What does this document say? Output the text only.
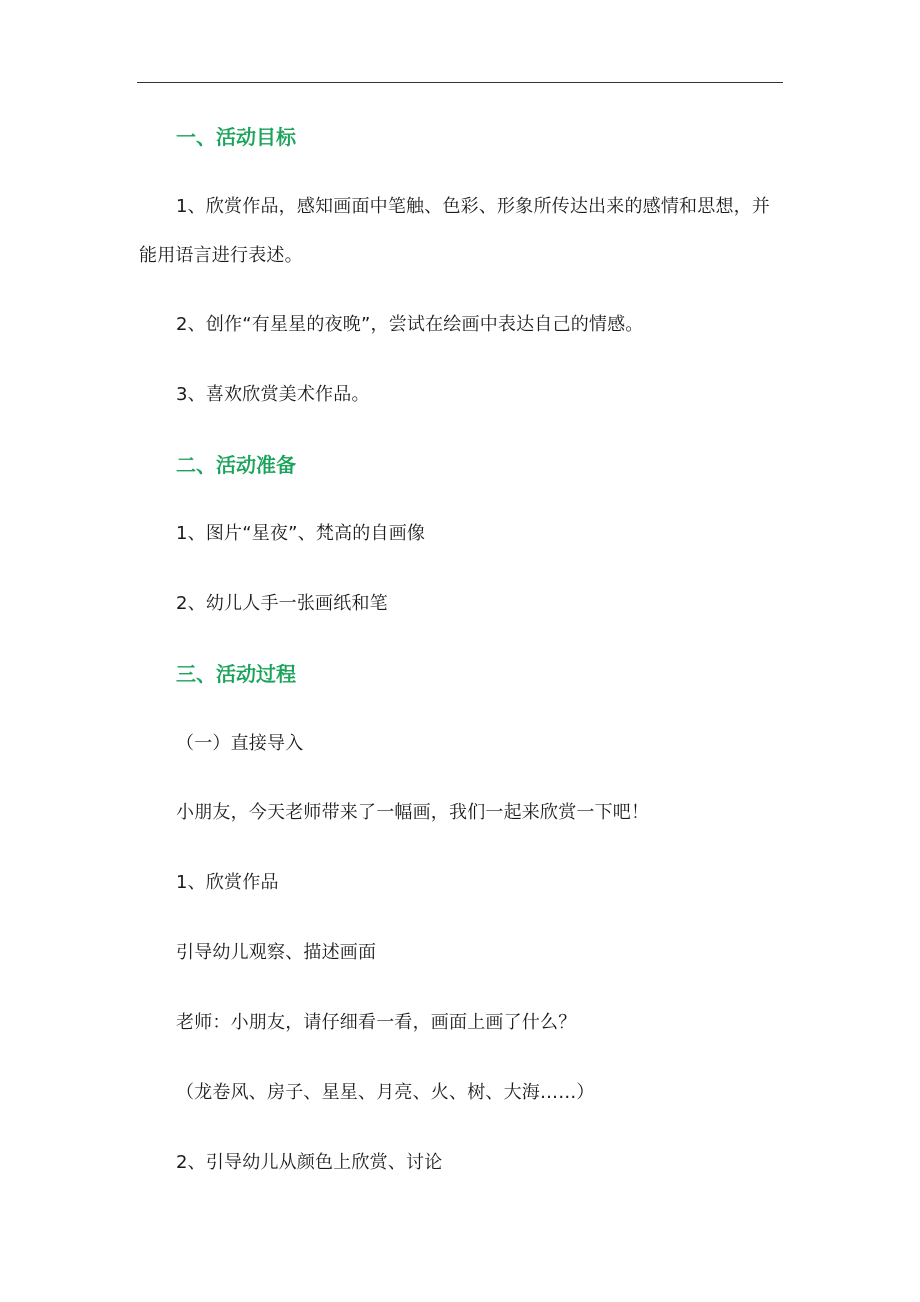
一、活动目标
1、欣赏作品，感知画面中笔触、色彩、形象所传达出来的感情和思想，并
能用语言进行表述。
2、创作“有星星的夜晚”，尝试在绘画中表达自己的情感。
3、喜欢欣赏美术作品。
二、活动准备
1、图片“星夜”、梵高的自画像
2、幼儿人手一张画纸和笔
三、活动过程
（一）直接导入
小朋友，今天老师带来了一幅画，我们一起来欣赏一下吧！
1、欣赏作品
引导幼儿观察、描述画面
老师：小朋友，请仔细看一看，画面上画了什么？
（龙卷风、房子、星星、月亮、火、树、大海……）
2、引导幼儿从颜色上欣赏、讨论
